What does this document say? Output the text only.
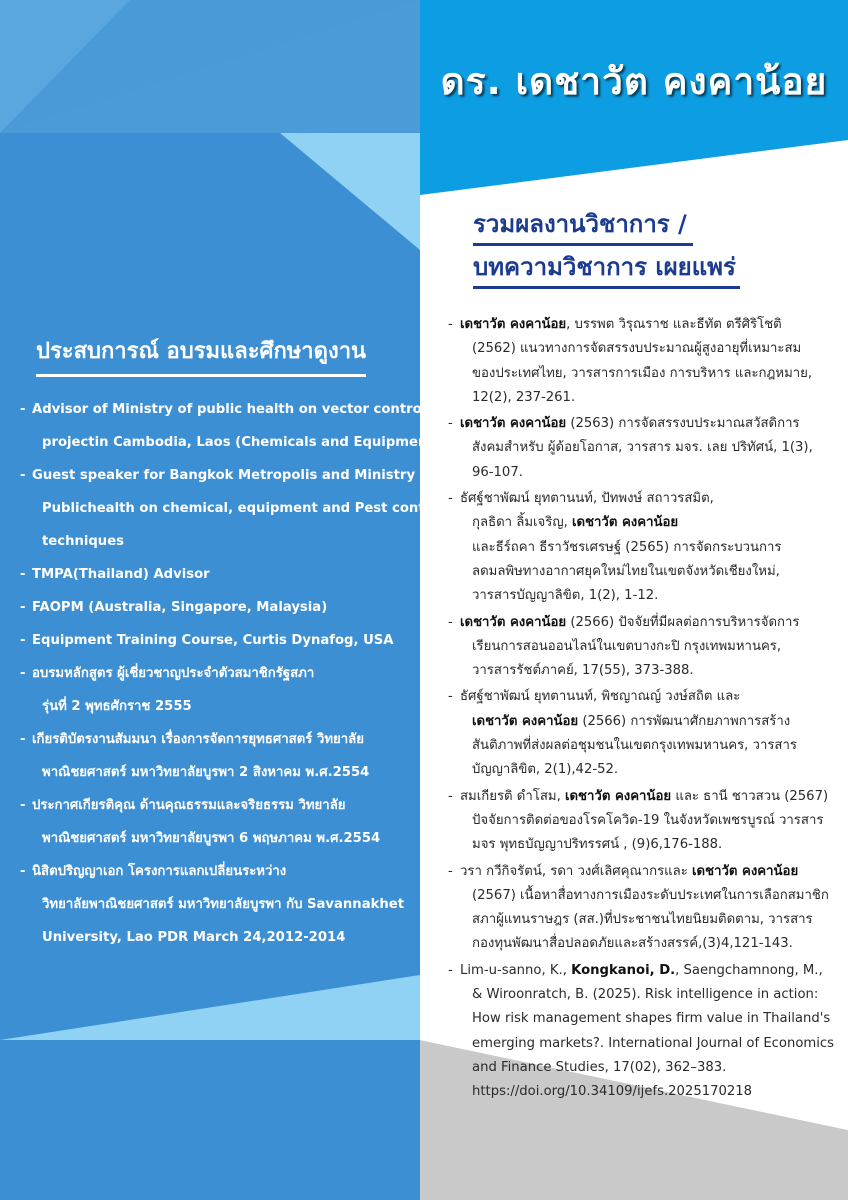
ดร. เดชาวัต คงคาน้อย
รวมผลงานวิชาการ /
บทความวิชาการ เผยแพร่
- เดชาวัต คงคาน้อย, บรรพต วิรุณราช และธีทัต ตรีศิริโชติ
(2562) แนวทางการจัดสรรงบประมาณผู้สูงอายุที่เหมาะสม
ของประเทศไทย, วารสารการเมือง การบริหาร และกฎหมาย,
12(2), 237-261.
- เดชาวัต คงคาน้อย (2563) การจัดสรรงบประมาณสวัสดิการ
สังคมสำหรับ ผู้ด้อยโอกาส, วารสาร มจร. เลย ปริทัศน์, 1(3),
96-107.
- ธัศฐ์ชาพัฒน์ ยุทตานนท์, ปัทพงษ์ สถาวรสมิต,
กุลธิดา ลิ้มเจริญ, เดชาวัต คงคาน้อย
และธีร์ถคา ธีราวัชรเศรษฐ์ (2565) การจัดกระบวนการ
ลดมลพิษทางอากาศยุคใหม่ไทยในเขตจังหวัดเชียงใหม่,
วารสารบัญญาลิขิต, 1(2), 1-12.
- เดชาวัต คงคาน้อย (2566) ปัจจัยที่มีผลต่อการบริหารจัดการ
เรียนการสอนออนไลน์ในเขตบางกะปิ กรุงเทพมหานคร,
วารสารรัชต์ภาคย์, 17(55), 373-388.
- ธัศฐ์ชาพัฒน์ ยุทตานนท์, พิชญาณญ์ วงษ์สถิต และ
เดชาวัต คงคาน้อย (2566) การพัฒนาศักยภาพการสร้าง
สันติภาพที่ส่งผลต่อชุมชนในเขตกรุงเทพมหานคร, วารสาร
บัญญาลิขิต, 2(1),42-52.
- สมเกียรติ ดำโสม, เดชาวัต คงคาน้อย และ ธานี ชาวสวน (2567)
ปัจจัยการติดต่อของโรคโควิด-19 ในจังหวัดเพชรบูรณ์ วารสาร
มจร พุทธบัญญาปริทรรศน์ , (9)6,176-188.
- วรา กวีกิจรัตน์, รดา วงศ์เลิศคุณากรและ เดชาวัต คงคาน้อย
(2567) เนื้อหาสื่อทางการเมืองระดับประเทศในการเลือกสมาชิก
สภาผู้แทนราษฎร (สส.)ที่ประชาชนไทยนิยมติดตาม, วารสาร
กองทุนพัฒนาสื่อปลอดภัยและสร้างสรรค์,(3)4,121-143.
- Lim-u-sanno, K., Kongkanoi, D., Saengchamnong, M.,
& Wiroonratch, B. (2025). Risk intelligence in action:
How risk management shapes firm value in Thailand's
emerging markets?. International Journal of Economics
and Finance Studies, 17(02), 362–383.
https://doi.org/10.34109/ijefs.2025170218
ประสบการณ์ อบรมและศึกษาดูงาน
- Advisor of Ministry of public health on vector control
projectin Cambodia, Laos (Chemicals and Equipment use)
- Guest speaker for Bangkok Metropolis and Ministry of
Publichealth on chemical, equipment and Pest control
techniques
- TMPA(Thailand) Advisor
- FAOPM (Australia, Singapore, Malaysia)
- Equipment Training Course, Curtis Dynafog, USA
- อบรมหลักสูตร ผู้เชี่ยวชาญประจำตัวสมาชิกรัฐสภา
รุ่นที่ 2 พุทธศักราช 2555
- เกียรติบัตรงานสัมมนา เรื่องการจัดการยุทธศาสตร์ วิทยาลัย
พาณิชยศาสตร์ มหาวิทยาลัยบูรพา 2 สิงหาคม พ.ศ.2554
- ประกาศเกียรติคุณ ด้านคุณธรรมและจริยธรรม วิทยาลัย
พาณิชยศาสตร์ มหาวิทยาลัยบูรพา 6 พฤษภาคม พ.ศ.2554
- นิสิตปริญญาเอก โครงการแลกเปลี่ยนระหว่าง
วิทยาลัยพาณิชยศาสตร์ มหาวิทยาลัยบูรพา กับ Savannakhet
University, Lao PDR March 24,2012-2014
